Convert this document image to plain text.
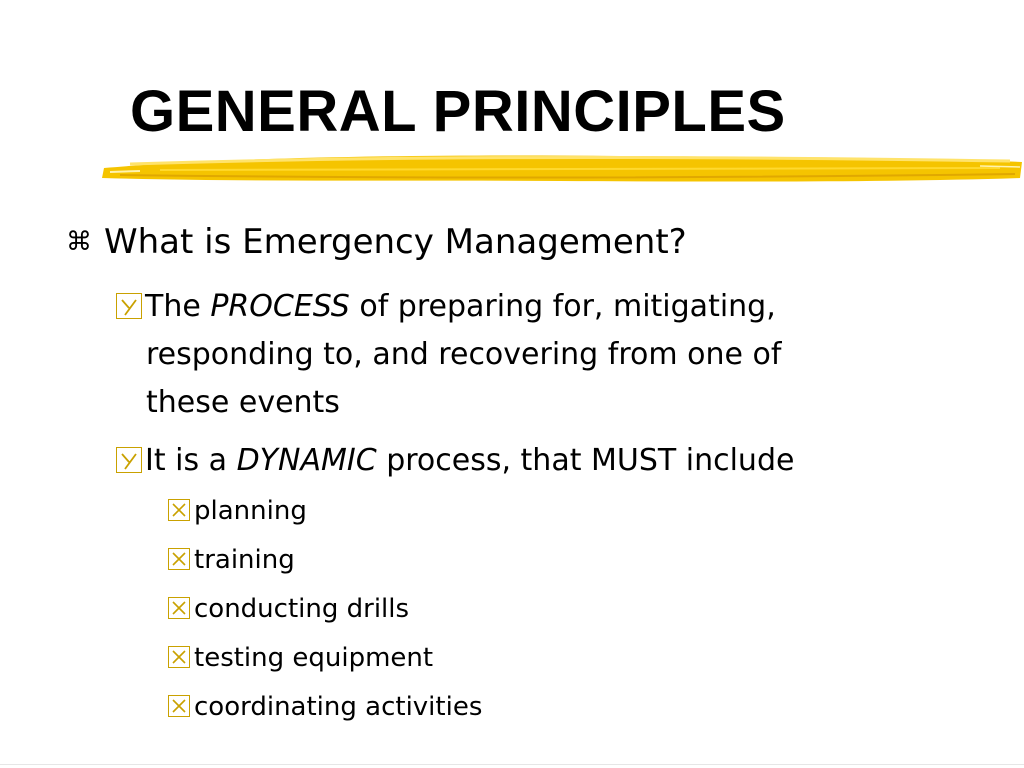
GENERAL PRINCIPLES
⌘ What is Emergency Management?
The PROCESS of preparing for, mitigating,
responding to, and recovering from one of
these events
It is a DYNAMIC process, that MUST include
planning
training
conducting drills
testing equipment
coordinating activities
